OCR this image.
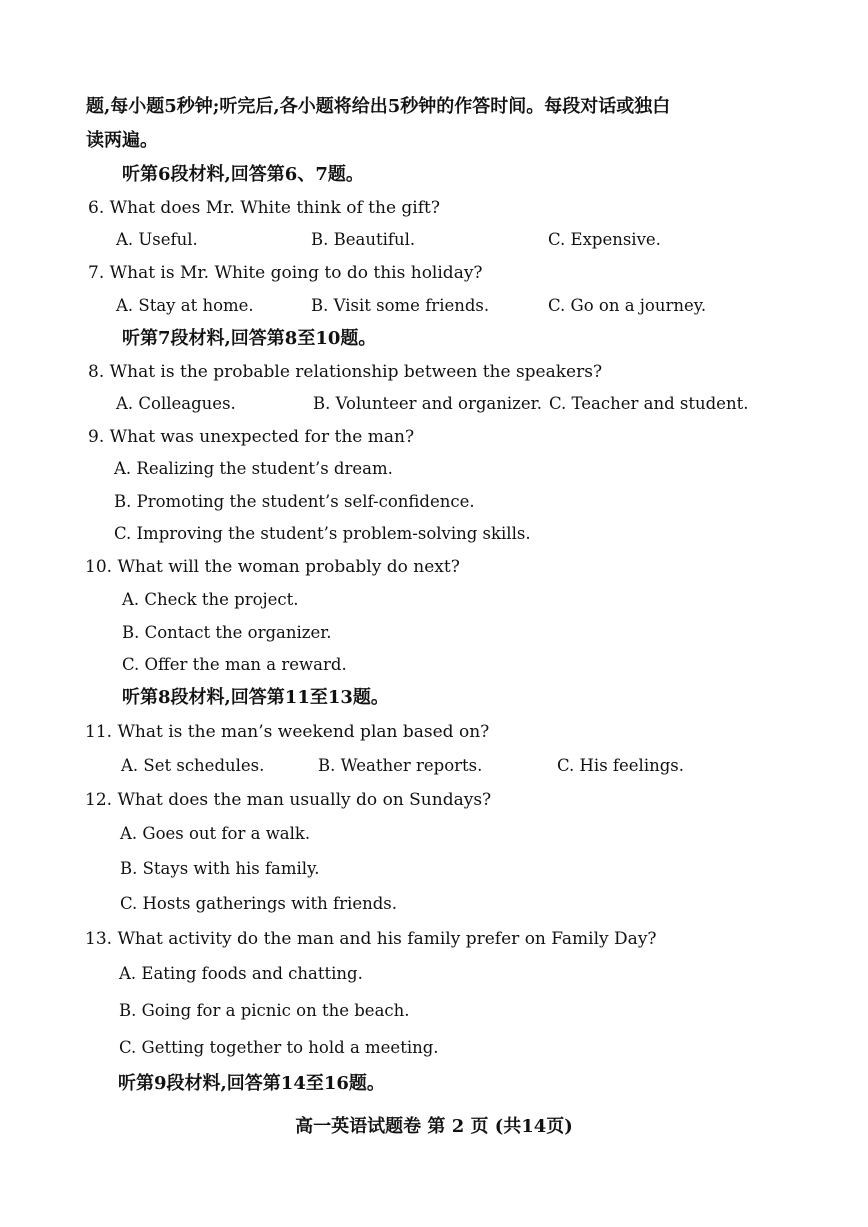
题,每小题5秒钟;听完后,各小题将给出5秒钟的作答时间。每段对话或独白
读两遍。
听第6段材料,回答第6、7题。
6. What does Mr. White think of the gift?
A. Useful.	B. Beautiful.	C. Expensive.
7. What is Mr. White going to do this holiday?
A. Stay at home.	B. Visit some friends.	C. Go on a journey.
听第7段材料,回答第8至10题。
8. What is the probable relationship between the speakers?
A. Colleagues.	B. Volunteer and organizer. C. Teacher and student.
9. What was unexpected for the man?
A. Realizing the student’s dream.
B. Promoting the student’s self-confidence.
C. Improving the student’s problem-solving skills.
10. What will the woman probably do next?
A. Check the project.
B. Contact the organizer.
C. Offer the man a reward.
听第8段材料,回答第11至13题。
11. What is the man’s weekend plan based on?
A. Set schedules.	B. Weather reports.	C. His feelings.
12. What does the man usually do on Sundays?
A. Goes out for a walk.
B. Stays with his family.
C. Hosts gatherings with friends.
13. What activity do the man and his family prefer on Family Day?
A. Eating foods and chatting.
B. Going for a picnic on the beach.
C. Getting together to hold a meeting.
听第9段材料,回答第14至16题。
高一英语试题卷 第 2 页 (共14页)
